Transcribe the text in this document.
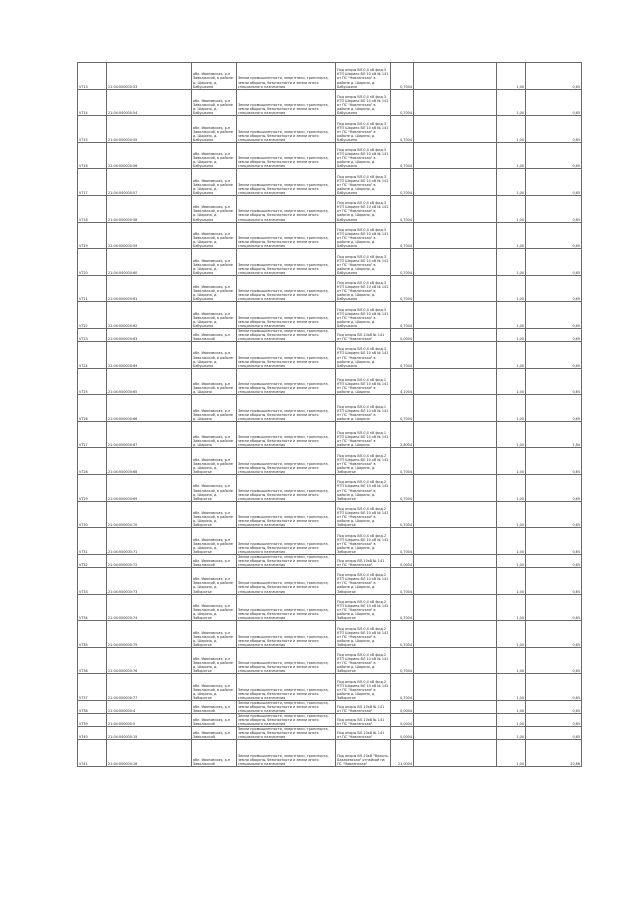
VT13	21:04:000000:53	обл. Ивановская, р-н Заволжский, в районе д. Шарино, д. Бабушкино	Земли промышленности, энергетики, транспорта, земли обороны, безопасности и земли иного специального назначения	Под опоры ВЛ-0,4 кВ фид.3 КТП Шарино ВЛ 10 кВ № 141 от ПС "Новленская" в районе д. Шарино, д. Бабушкино	0,7004		1,00	0,65
VT14	21:04:000000:54	обл. Ивановская, р-н Заволжский, в районе д. Шарино, д. Бабушкино	Земли промышленности, энергетики, транспорта, земли обороны, безопасности и земли иного специального назначения	Под опоры ВЛ-0,4 кВ фид.3 КТП Шарино ВЛ 10 кВ № 141 от ПС "Новленская" в районе д. Шарино, д. Бабушкино	0,7004		1,00	0,65
VT15	21:04:000000:55	обл. Ивановская, р-н Заволжский, в районе д. Шарино, д. Бабушкино	Земли промышленности, энергетики, транспорта, земли обороны, безопасности и земли иного специального назначения	Под опоры ВЛ-0,4 кВ фид.3 КТП Шарино ВЛ 10 кВ № 141 от ПС "Новленская" в районе д. Шарино, д. Бабушкино	0,7004		1,00	0,65
VT16	21:04:000000:56	обл. Ивановская, р-н Заволжский, в районе д. Шарино, д. Бабушкино	Земли промышленности, энергетики, транспорта, земли обороны, безопасности и земли иного специального назначения	Под опоры ВЛ-0,4 кВ фид.3 КТП Шарино ВЛ 10 кВ № 141 от ПС "Новленская" в районе д. Шарино, д. Бабушкино	0,7004		1,00	0,65
VT17	21:04:000000:57	обл. Ивановская, р-н Заволжский, в районе д. Шарино, д. Бабушкино	Земли промышленности, энергетики, транспорта, земли обороны, безопасности и земли иного специального назначения	Под опоры ВЛ-0,4 кВ фид.3 КТП Шарино ВЛ 10 кВ № 141 от ПС "Новленская" в районе д. Шарино, д. Бабушкино	0,7004		1,00	0,65
VT18	21:04:000000:58	обл. Ивановская, р-н Заволжский, в районе д. Шарино, д. Бабушкино	Земли промышленности, энергетики, транспорта, земли обороны, безопасности и земли иного специального назначения	Под опоры ВЛ-0,4 кВ фид.3 КТП Шарино ВЛ 10 кВ № 141 от ПС "Новленская" в районе д. Шарино, д. Бабушкино	0,7004		1,00	0,65
VT19	21:04:000000:59	обл. Ивановская, р-н Заволжский, в районе д. Шарино, д. Бабушкино	Земли промышленности, энергетики, транспорта, земли обороны, безопасности и земли иного специального назначения	Под опоры ВЛ-0,4 кВ фид.3 КТП Шарино ВЛ 10 кВ № 141 от ПС "Новленская" в районе д. Шарино, д. Бабушкино	0,7004		1,00	0,65
VT20	21:04:000000:60	обл. Ивановская, р-н Заволжский, в районе д. Шарино, д. Бабушкино	Земли промышленности, энергетики, транспорта, земли обороны, безопасности и земли иного специального назначения	Под опоры ВЛ-0,4 кВ фид.3 КТП Шарино ВЛ 10 кВ № 141 от ПС "Новленская" в районе д. Шарино, д. Бабушкино	0,7004		1,00	0,65
VT21	21:04:000000:61	обл. Ивановская, р-н Заволжский, в районе д. Шарино, д. Бабушкино	Земли промышленности, энергетики, транспорта, земли обороны, безопасности и земли иного специального назначения	Под опоры ВЛ-0,4 кВ фид.3 КТП Шарино ВЛ 10 кВ № 141 от ПС "Новленская" в районе д. Шарино, д. Бабушкино	0,7004		1,00	0,65
VT22	21:04:000000:62	обл. Ивановская, р-н Заволжский, в районе д. Шарино, д. Бабушкино	Земли промышленности, энергетики, транспорта, земли обороны, безопасности и земли иного специального назначения	Под опоры ВЛ-0,4 кВ фид.3 КТП Шарино ВЛ 10 кВ № 141 от ПС "Новленская" в районе д. Шарино, д. Бабушкино	0,7004		1,00	0,65
VT23	21:04:000000:63	обл. Ивановская, р-н Заволжский	Земли промышленности, энергетики, транспорта, земли обороны, безопасности и земли иного специального назначения	Под опоры ВЛ-10кВ № 141 от ПС "Новленская"	0,0004		1,00	0,65
VT24	21:04:000000:64	обл. Ивановская, р-н Заволжский, в районе д. Шарино, д. Бабушкино	Земли промышленности, энергетики, транспорта, земли обороны, безопасности и земли иного специального назначения	Под опоры ВЛ-0,4 кВ фид.3 КТП Шарино ВЛ 10 кВ № 141 от ПС "Новленская" в районе д. Шарино, д. Бабушкино	0,7004		1,00	0,65
VT25	21:04:000000:65	обл. Ивановская, р-н Заволжский, в районе д. Шарино	Земли промышленности, энергетики, транспорта, земли обороны, безопасности и земли иного специального назначения	Под опоры ВЛ-0,4 кВ фид.1 КТП Шарино ВЛ 10 кВ № 141 от ПС "Новленская" в районе д. Шарино	4,1004		1,00	0,65
VT26	21:04:000000:66	обл. Ивановская, р-н Заволжский, в районе д. Шарино	Земли промышленности, энергетики, транспорта, земли обороны, безопасности и земли иного специального назначения	Под опоры ВЛ-0,4 кВ фид.1 КТП Шарино ВЛ 10 кВ № 141 от ПС "Новленская" в районе д. Шарино	0,7004		1,00	0,65
VT27	21:04:000000:67	обл. Ивановская, р-н Заволжский, в районе д. Шарино	Земли промышленности, энергетики, транспорта, земли обороны, безопасности и земли иного специального назначения	Под опоры ВЛ-0,4 кВ фид.1 КТП Шарино ВЛ 10 кВ № 141 от ПС "Новленская" в районе д. Шарино	2,8004		1,00	1,84
VT28	21:04:000000:68	обл. Ивановская, р-н Заволжский, в районе д. Шарино, д. Заборотье	Земли промышленности, энергетики, транспорта, земли обороны, безопасности и земли иного специального назначения	Под опоры ВЛ-0,4 кВ фид.2 КТП Шарино ВЛ 10 кВ № 141 от ПС "Новленская" в районе д. Шарино, д. Заборотье	0,7004		1,00	0,65
VT29	21:04:000000:69	обл. Ивановская, р-н Заволжский, в районе д. Шарино, д. Заборотье	Земли промышленности, энергетики, транспорта, земли обороны, безопасности и земли иного специального назначения	Под опоры ВЛ-0,4 кВ фид.2 КТП Шарино ВЛ 10 кВ № 141 от ПС "Новленская" в районе д. Шарино, д. Заборотье	0,7004		1,00	0,65
VT30	21:04:000000:70	обл. Ивановская, р-н Заволжский, в районе д. Шарино, д. Заборотье	Земли промышленности, энергетики, транспорта, земли обороны, безопасности и земли иного специального назначения	Под опоры ВЛ-0,4 кВ фид.2 КТП Шарино ВЛ 10 кВ № 141 от ПС "Новленская" в районе д. Шарино, д. Заборотье	0,7004		1,00	0,65
VT31	21:04:000000:71	обл. Ивановская, р-н Заволжский, в районе д. Шарино, д. Заборотье	Земли промышленности, энергетики, транспорта, земли обороны, безопасности и земли иного специального назначения	Под опоры ВЛ-0,4 кВ фид.2 КТП Шарино ВЛ 10 кВ № 141 от ПС "Новленская" в районе д. Шарино, д. Заборотье	0,7004		1,00	0,65
VT32	21:04:000000:72	обл. Ивановская, р-н Заволжский	Земли промышленности, энергетики, транспорта, земли обороны, безопасности и земли иного специального назначения	Под опоры ВЛ-10кВ № 141 от ПС "Новленская"	0,0004		1,00	0,65
VT33	21:04:000000:73	обл. Ивановская, р-н Заволжский, в районе д. Шарино, д. Заборотье	Земли промышленности, энергетики, транспорта, земли обороны, безопасности и земли иного специального назначения	Под опоры ВЛ-0,4 кВ фид.2 КТП Шарино ВЛ 10 кВ № 141 от ПС "Новленская" в районе д. Шарино, д. Заборотье	0,7004		1,00	0,65
VT34	21:04:000000:74	обл. Ивановская, р-н Заволжский, в районе д. Шарино, д. Заборотье	Земли промышленности, энергетики, транспорта, земли обороны, безопасности и земли иного специального назначения	Под опоры ВЛ-0,4 кВ фид.2 КТП Шарино ВЛ 10 кВ № 141 от ПС "Новленская" в районе д. Шарино, д. Заборотье	0,7004		1,00	0,65
VT35	21:04:000000:75	обл. Ивановская, р-н Заволжский, в районе д. Шарино, д. Заборотье	Земли промышленности, энергетики, транспорта, земли обороны, безопасности и земли иного специального назначения	Под опоры ВЛ-0,4 кВ фид.2 КТП Шарино ВЛ 10 кВ № 141 от ПС "Новленская" в районе д. Шарино, д. Заборотье	0,7004		1,00	0,65
VT36	21:04:000000:76	обл. Ивановская, р-н Заволжский, в районе д. Шарино, д. Заборотье	Земли промышленности, энергетики, транспорта, земли обороны, безопасности и земли иного специального назначения	Под опоры ВЛ-0,4 кВ фид.2 КТП Шарино ВЛ 10 кВ № 141 от ПС "Новленская" в районе д. Шарино, д. Заборотье	0,7004		1,00	0,65
VT37	21:04:000000:77	обл. Ивановская, р-н Заволжский, в районе д. Шарино, д. Заборотье	Земли промышленности, энергетики, транспорта, земли обороны, безопасности и земли иного специального назначения	Под опоры ВЛ-0,4 кВ фид.2 КТП Шарино ВЛ 10 кВ № 141 от ПС "Новленская" в районе д. Шарино, д. Заборотье	0,7004		1,00	0,65
VT38	21:04:000000:4	обл. Ивановская, р-н Заволжский	Земли промышленности, энергетики, транспорта, земли обороны, безопасности и земли иного специального назначения	Под опоры ВЛ-10кВ № 141 от ПС "Новленская"	0,0004		1,00	0,65
VT39	21:04:000000:5	обл. Ивановская, р-н Заволжский	Земли промышленности, энергетики, транспорта, земли обороны, безопасности и земли иного специального назначения	Под опоры ВЛ-10кВ № 141 от ПС "Новленская"	0,0004		1,00	0,65
VT40	21:04:000000:15	обл. Ивановская, р-н Заволжский	Земли промышленности, энергетики, транспорта, земли обороны, безопасности и земли иного специального назначения	Под опоры ВЛ-10кВ № 141 от ПС "Новленская"	0,0004		1,00	0,65
VT41	21:04:000000:16	обл. Ивановская, р-н Заволжский	Земли промышленности, энергетики, транспорта, земли обороны, безопасности и земли иного специального назначения	Под опоры ВЛ-10кВ "Вольно-Бахаревская" отпайкой на ПС "Новленская"	21,0004		1,00	20,86
